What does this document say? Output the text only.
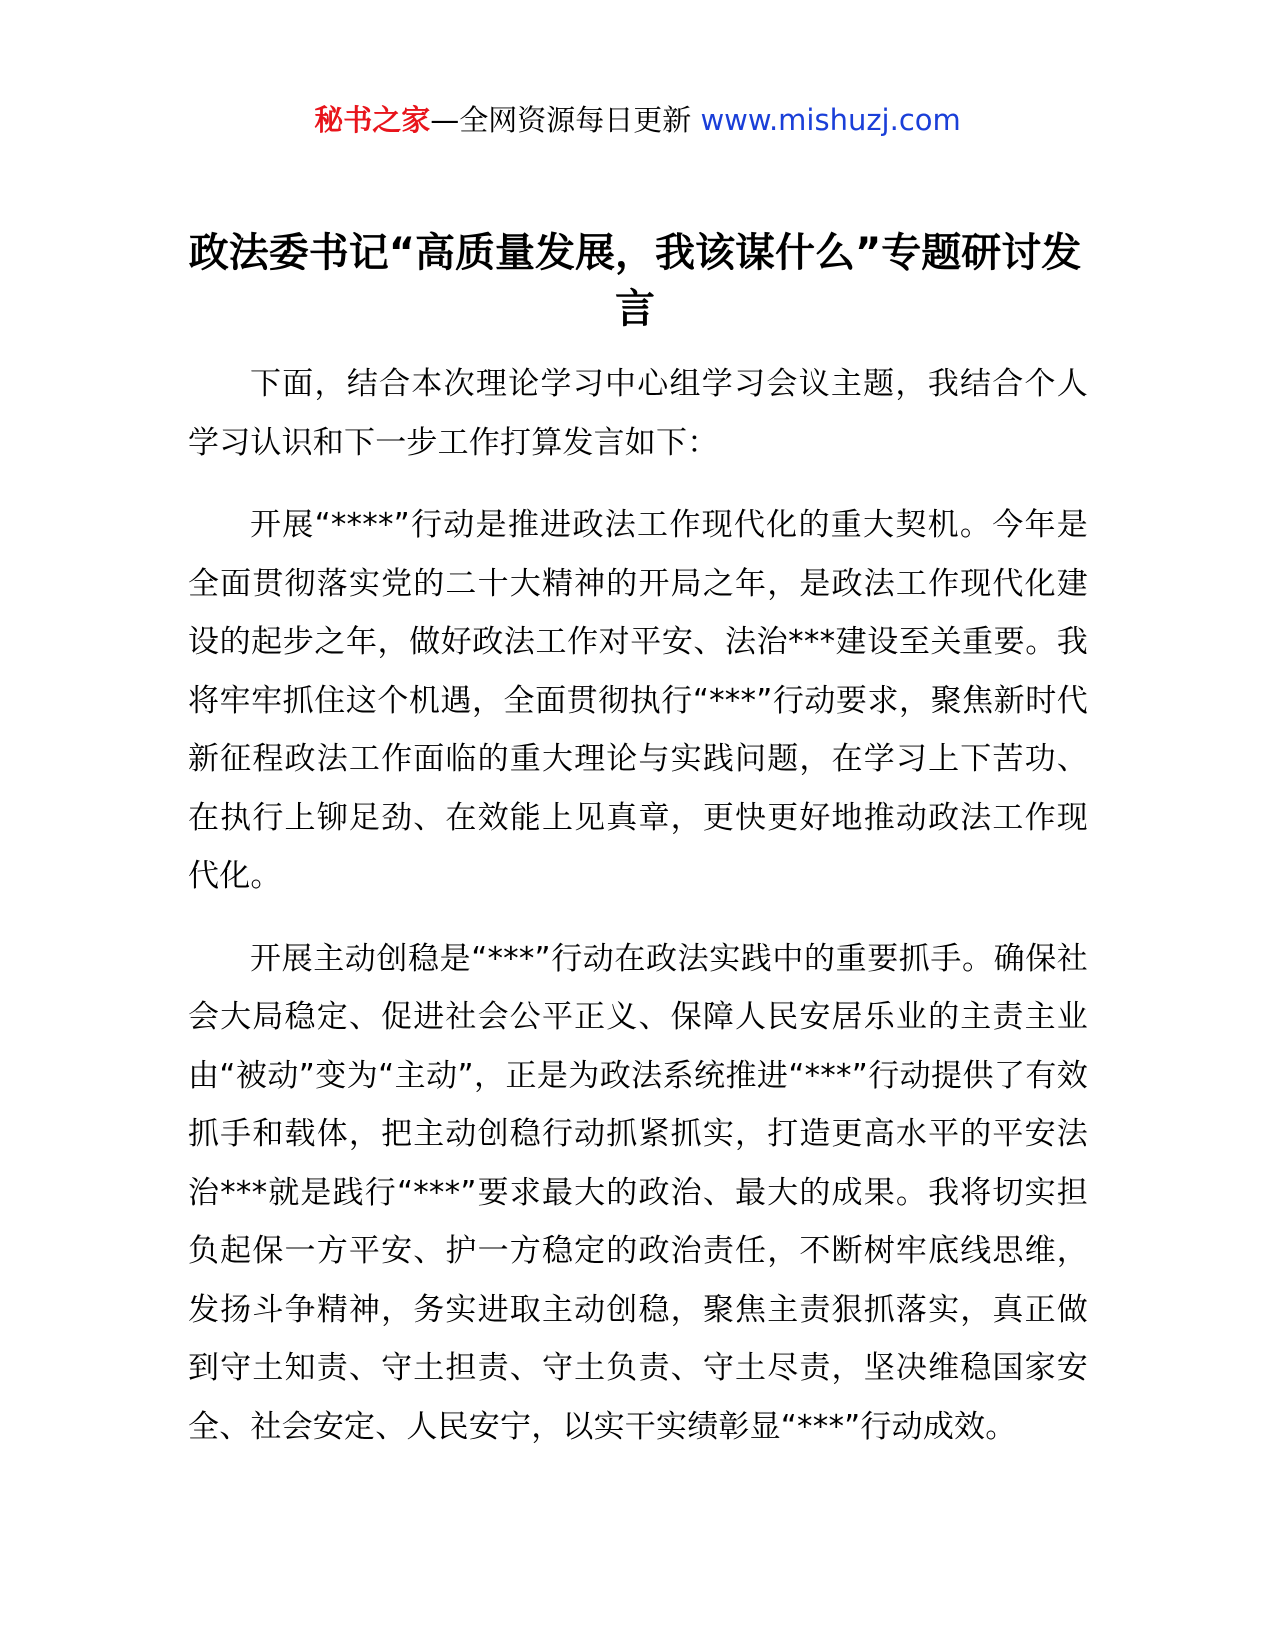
秘书之家—全网资源每日更新 www.mishuzj.com
政法委书记“高质量发展，我该谋什么”专题研讨发言

下面，结合本次理论学习中心组学习会议主题，我结合个人学习认识和下一步工作打算发言如下：

开展“****”行动是推进政法工作现代化的重大契机。今年是全面贯彻落实党的二十大精神的开局之年，是政法工作现代化建设的起步之年，做好政法工作对平安、法治***建设至关重要。我将牢牢抓住这个机遇，全面贯彻执行“***”行动要求，聚焦新时代新征程政法工作面临的重大理论与实践问题，在学习上下苦功、在执行上铆足劲、在效能上见真章，更快更好地推动政法工作现代化。

开展主动创稳是“***”行动在政法实践中的重要抓手。确保社会大局稳定、促进社会公平正义、保障人民安居乐业的主责主业由“被动”变为“主动”，正是为政法系统推进“***”行动提供了有效抓手和载体，把主动创稳行动抓紧抓实，打造更高水平的平安法治***就是践行“***”要求最大的政治、最大的成果。我将切实担负起保一方平安、护一方稳定的政治责任，不断树牢底线思维，发扬斗争精神，务实进取主动创稳，聚焦主责狠抓落实，真正做到守土知责、守土担责、守土负责、守土尽责，坚决维稳国家安全、社会安定、人民安宁，以实干实绩彰显“***”行动成效。
